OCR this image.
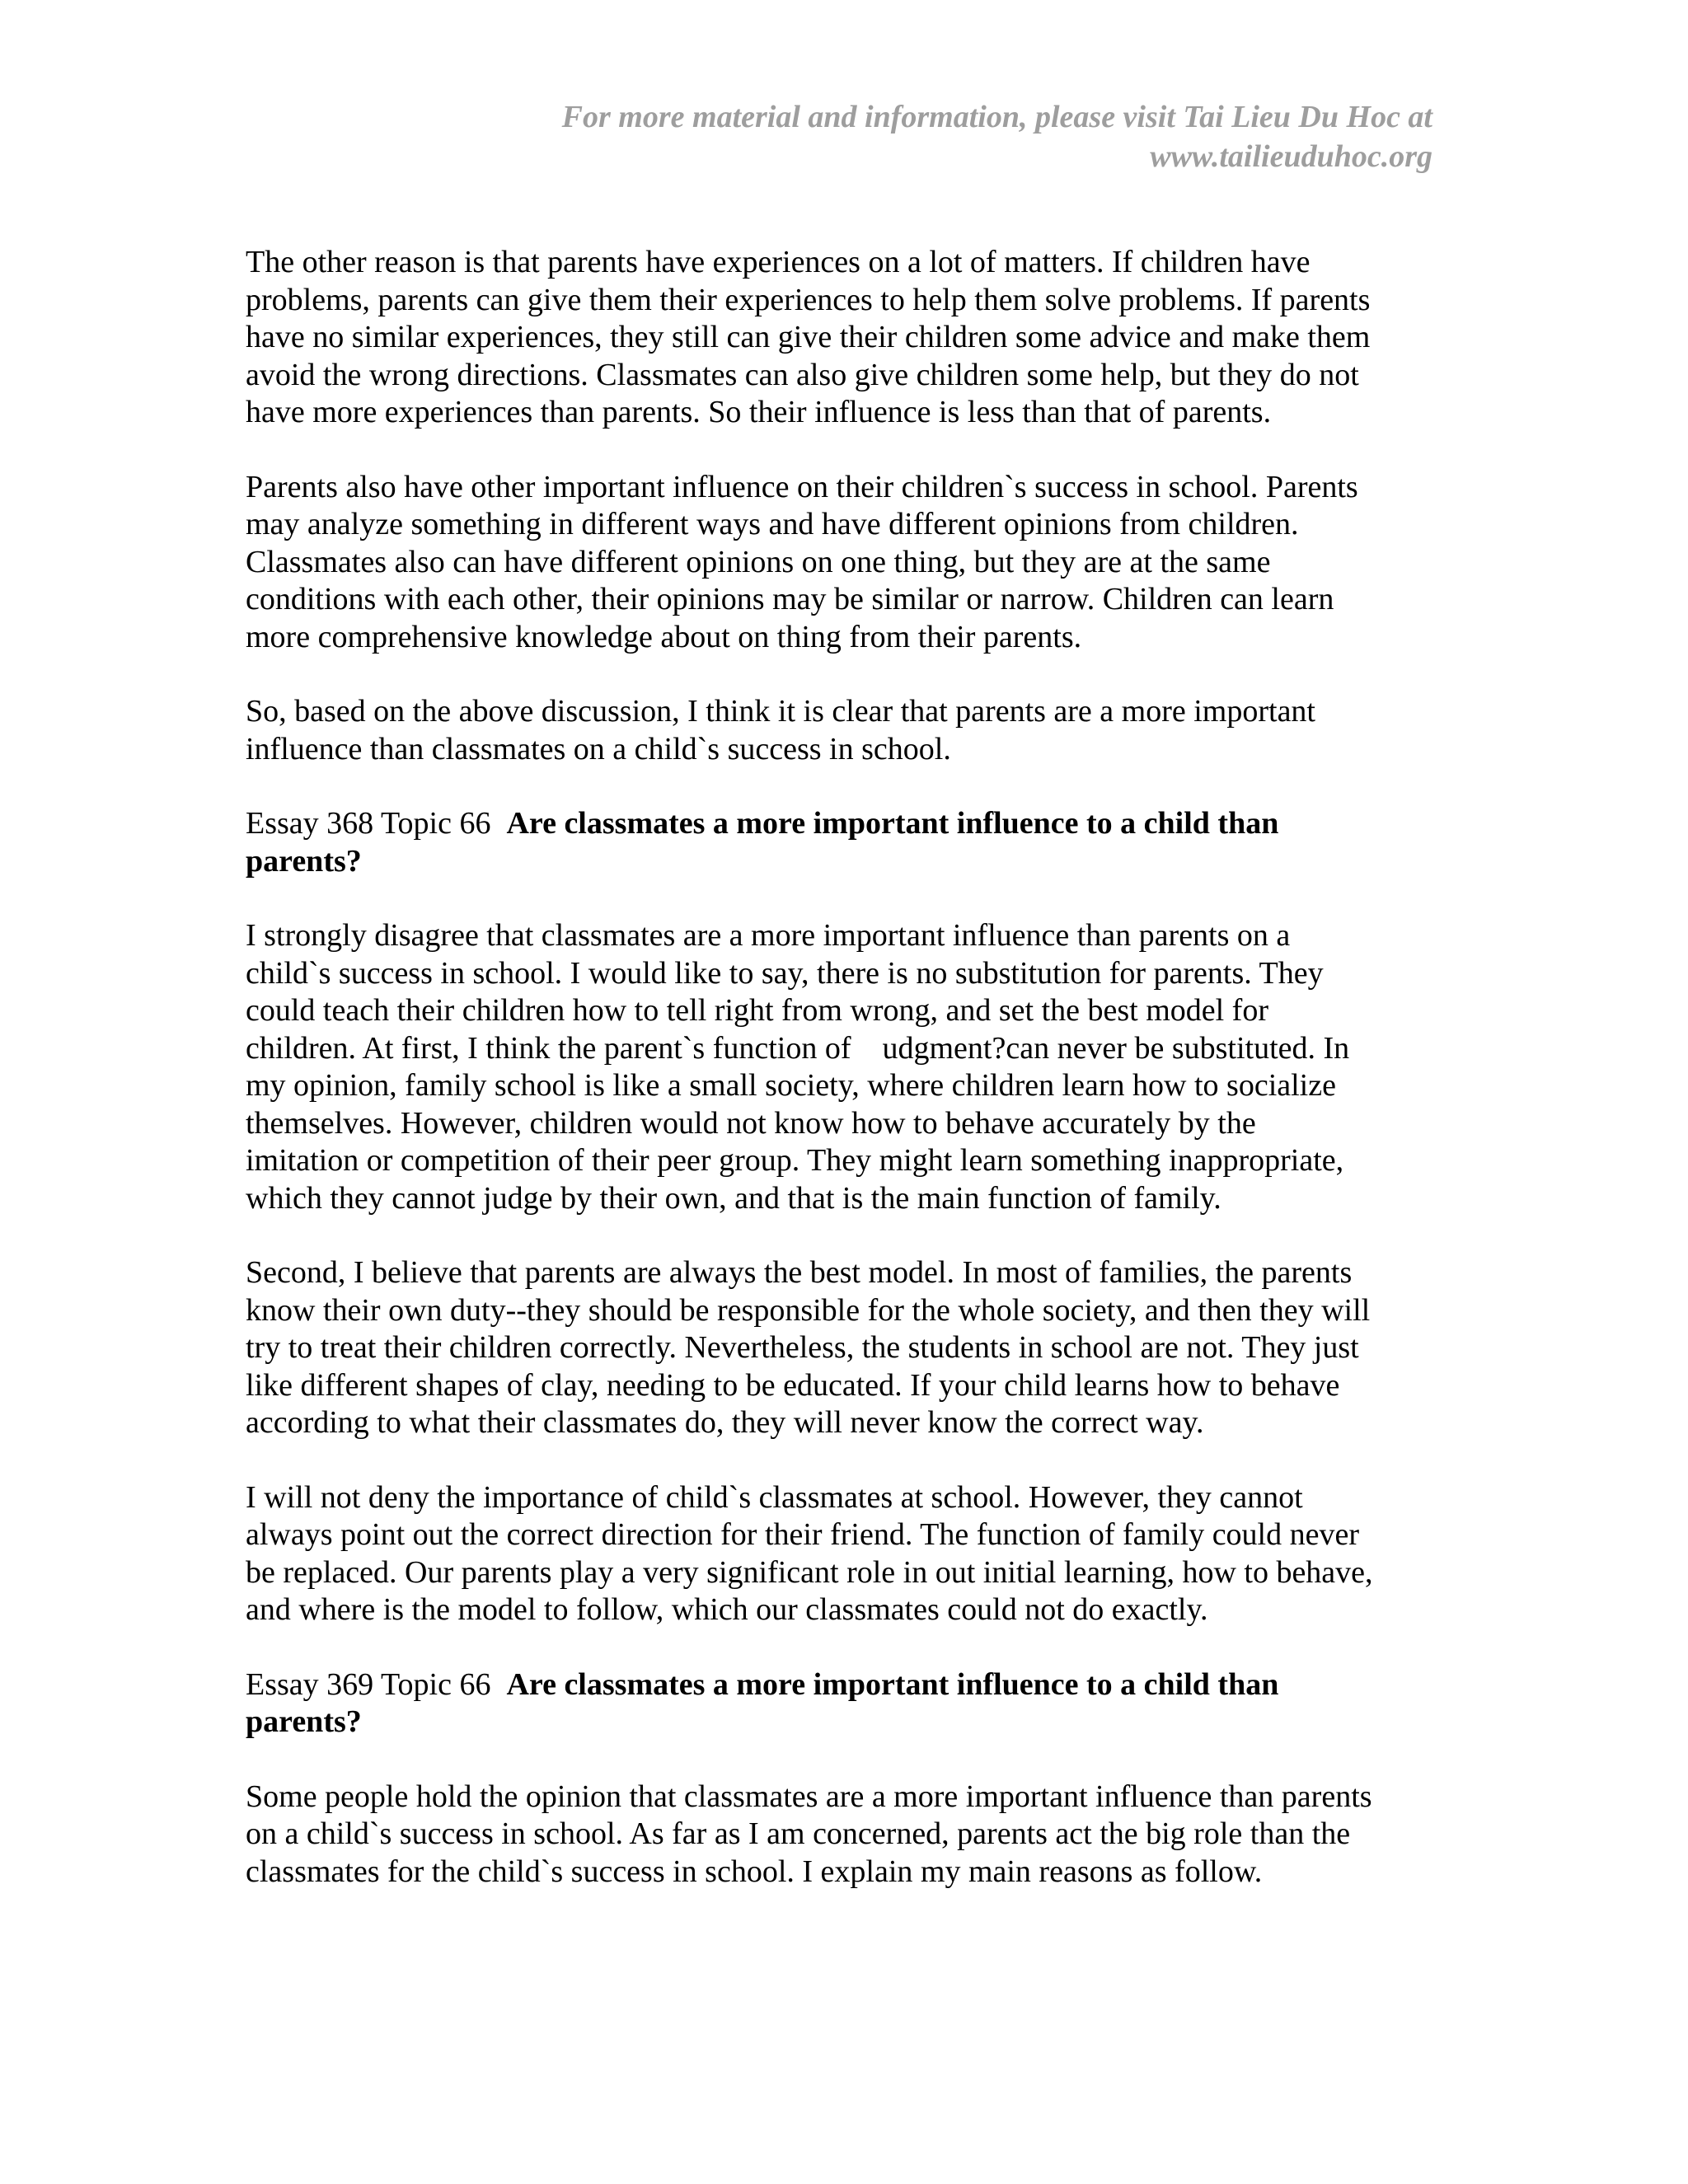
For more material and information, please visit Tai Lieu Du Hoc at
www.tailieuduhoc.org

The other reason is that parents have experiences on a lot of matters. If children have
problems, parents can give them their experiences to help them solve problems. If parents
have no similar experiences, they still can give their children some advice and make them
avoid the wrong directions. Classmates can also give children some help, but they do not
have more experiences than parents. So their influence is less than that of parents.

Parents also have other important influence on their children`s success in school. Parents
may analyze something in different ways and have different opinions from children.
Classmates also can have different opinions on one thing, but they are at the same
conditions with each other, their opinions may be similar or narrow. Children can learn
more comprehensive knowledge about on thing from their parents.

So, based on the above discussion, I think it is clear that parents are a more important
influence than classmates on a child`s success in school.

Essay 368 Topic 66  Are classmates a more important influence to a child than
parents?

I strongly disagree that classmates are a more important influence than parents on a
child`s success in school. I would like to say, there is no substitution for parents. They
could teach their children how to tell right from wrong, and set the best model for
children. At first, I think the parent`s function of    udgment?can never be substituted. In
my opinion, family school is like a small society, where children learn how to socialize
themselves. However, children would not know how to behave accurately by the
imitation or competition of their peer group. They might learn something inappropriate,
which they cannot judge by their own, and that is the main function of family.

Second, I believe that parents are always the best model. In most of families, the parents
know their own duty--they should be responsible for the whole society, and then they will
try to treat their children correctly. Nevertheless, the students in school are not. They just
like different shapes of clay, needing to be educated. If your child learns how to behave
according to what their classmates do, they will never know the correct way.

I will not deny the importance of child`s classmates at school. However, they cannot
always point out the correct direction for their friend. The function of family could never
be replaced. Our parents play a very significant role in out initial learning, how to behave,
and where is the model to follow, which our classmates could not do exactly.

Essay 369 Topic 66  Are classmates a more important influence to a child than
parents?

Some people hold the opinion that classmates are a more important influence than parents
on a child`s success in school. As far as I am concerned, parents act the big role than the
classmates for the child`s success in school. I explain my main reasons as follow.
